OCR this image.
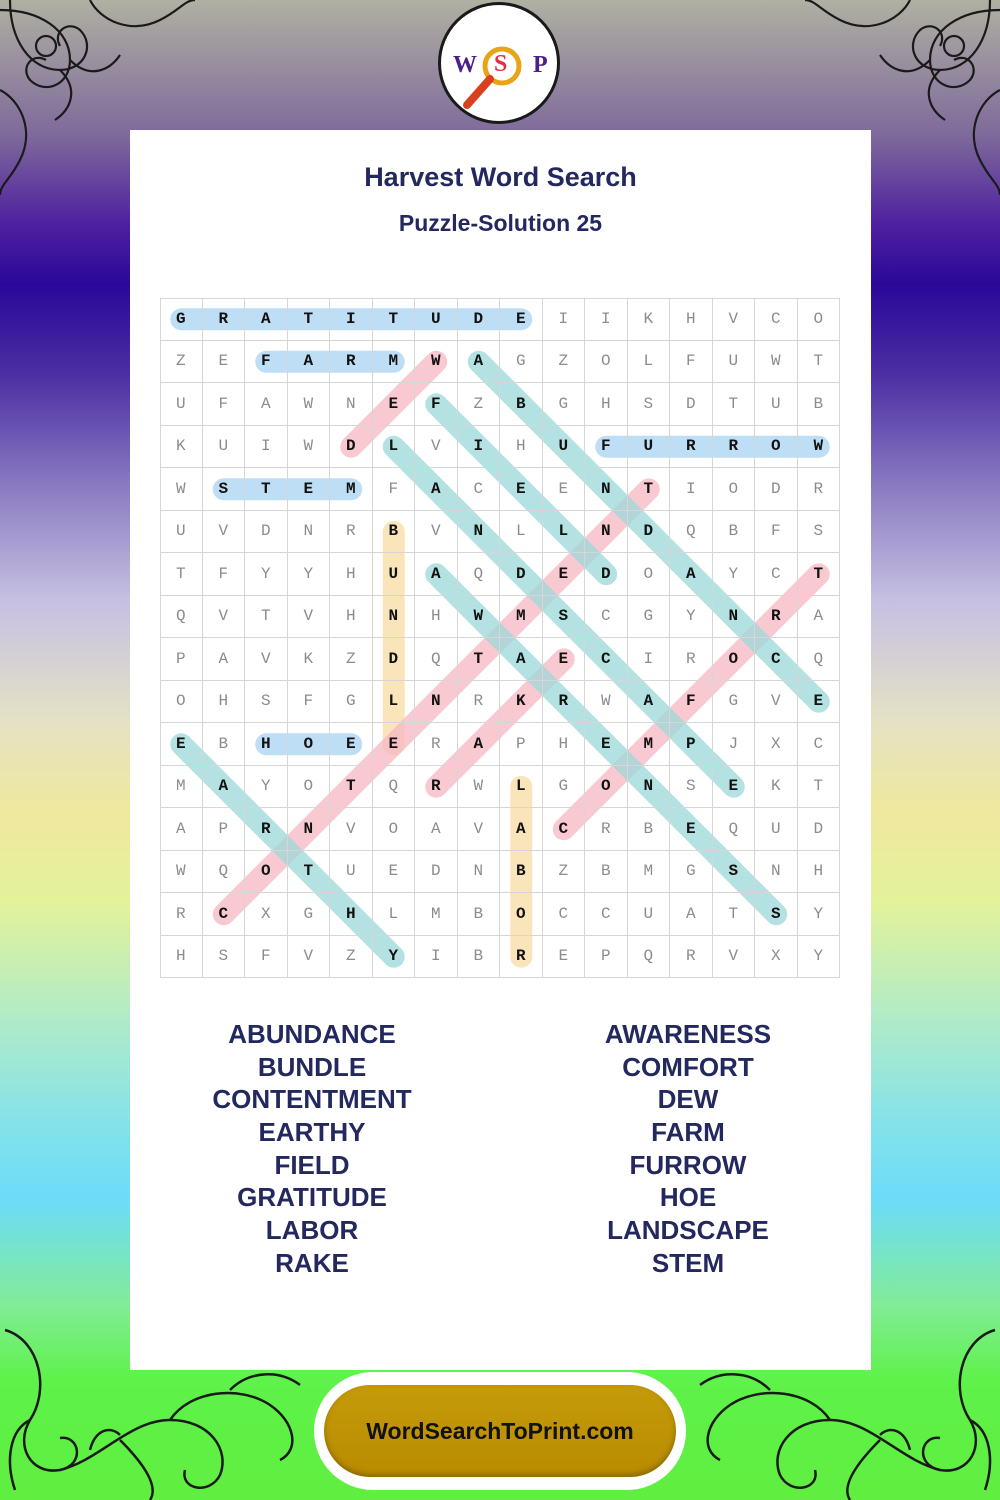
W S P
Harvest Word Search
Puzzle-Solution 25
G	R	A	T	I	T	U	D	E	I	I	K	H	V	C	O
Z	E	F	A	R	M	W	A	G	Z	O	L	F	U	W	T
U	F	A	W	N	E	F	Z	B	G	H	S	D	T	U	B
K	U	I	W	D	L	V	I	H	U	F	U	R	R	O	W
W	S	T	E	M	F	A	C	E	E	N	T	I	O	D	R
U	V	D	N	R	B	V	N	L	L	N	D	Q	B	F	S
T	F	Y	Y	H	U	A	Q	D	E	D	O	A	Y	C	T
Q	V	T	V	H	N	H	W	M	S	C	G	Y	N	R	A
P	A	V	K	Z	D	Q	T	A	E	C	I	R	O	C	Q
O	H	S	F	G	L	N	R	K	R	W	A	F	G	V	E
E	B	H	O	E	E	R	A	P	H	E	M	P	J	X	C
M	A	Y	O	T	Q	R	W	L	G	O	N	S	E	K	T
A	P	R	N	V	O	A	V	A	C	R	B	E	Q	U	D
W	Q	O	T	U	E	D	N	B	Z	B	M	G	S	N	H
R	C	X	G	H	L	M	B	O	C	C	U	A	T	S	Y
H	S	F	V	Z	Y	I	B	R	E	P	Q	R	V	X	Y
ABUNDANCE
BUNDLE
CONTENTMENT
EARTHY
FIELD
GRATITUDE
LABOR
RAKE
AWARENESS
COMFORT
DEW
FARM
FURROW
HOE
LANDSCAPE
STEM
WordSearchToPrint.com
